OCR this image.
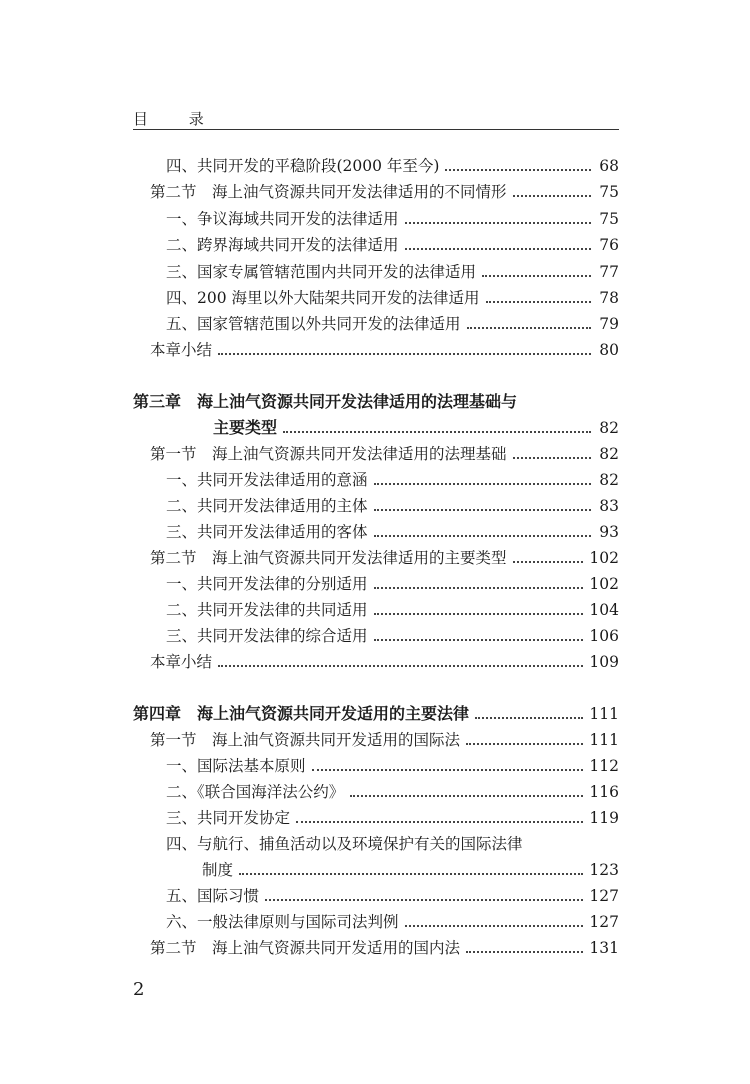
目 录
四、共同开发的平稳阶段(2000 年至今)	68
第二节　海上油气资源共同开发法律适用的不同情形	75
一、争议海域共同开发的法律适用	75
二、跨界海域共同开发的法律适用	76
三、国家专属管辖范围内共同开发的法律适用	77
四、200 海里以外大陆架共同开发的法律适用	78
五、国家管辖范围以外共同开发的法律适用	79
本章小结	80
第三章　海上油气资源共同开发法律适用的法理基础与
主要类型	82
第一节　海上油气资源共同开发法律适用的法理基础	82
一、共同开发法律适用的意涵	82
二、共同开发法律适用的主体	83
三、共同开发法律适用的客体	93
第二节　海上油气资源共同开发法律适用的主要类型	102
一、共同开发法律的分别适用	102
二、共同开发法律的共同适用	104
三、共同开发法律的综合适用	106
本章小结	109
第四章　海上油气资源共同开发适用的主要法律	111
第一节　海上油气资源共同开发适用的国际法	111
一、国际法基本原则	112
二、《联合国海洋法公约》	116
三、共同开发协定	119
四、与航行、捕鱼活动以及环境保护有关的国际法律
制度	123
五、国际习惯	127
六、一般法律原则与国际司法判例	127
第二节　海上油气资源共同开发适用的国内法	131
2
